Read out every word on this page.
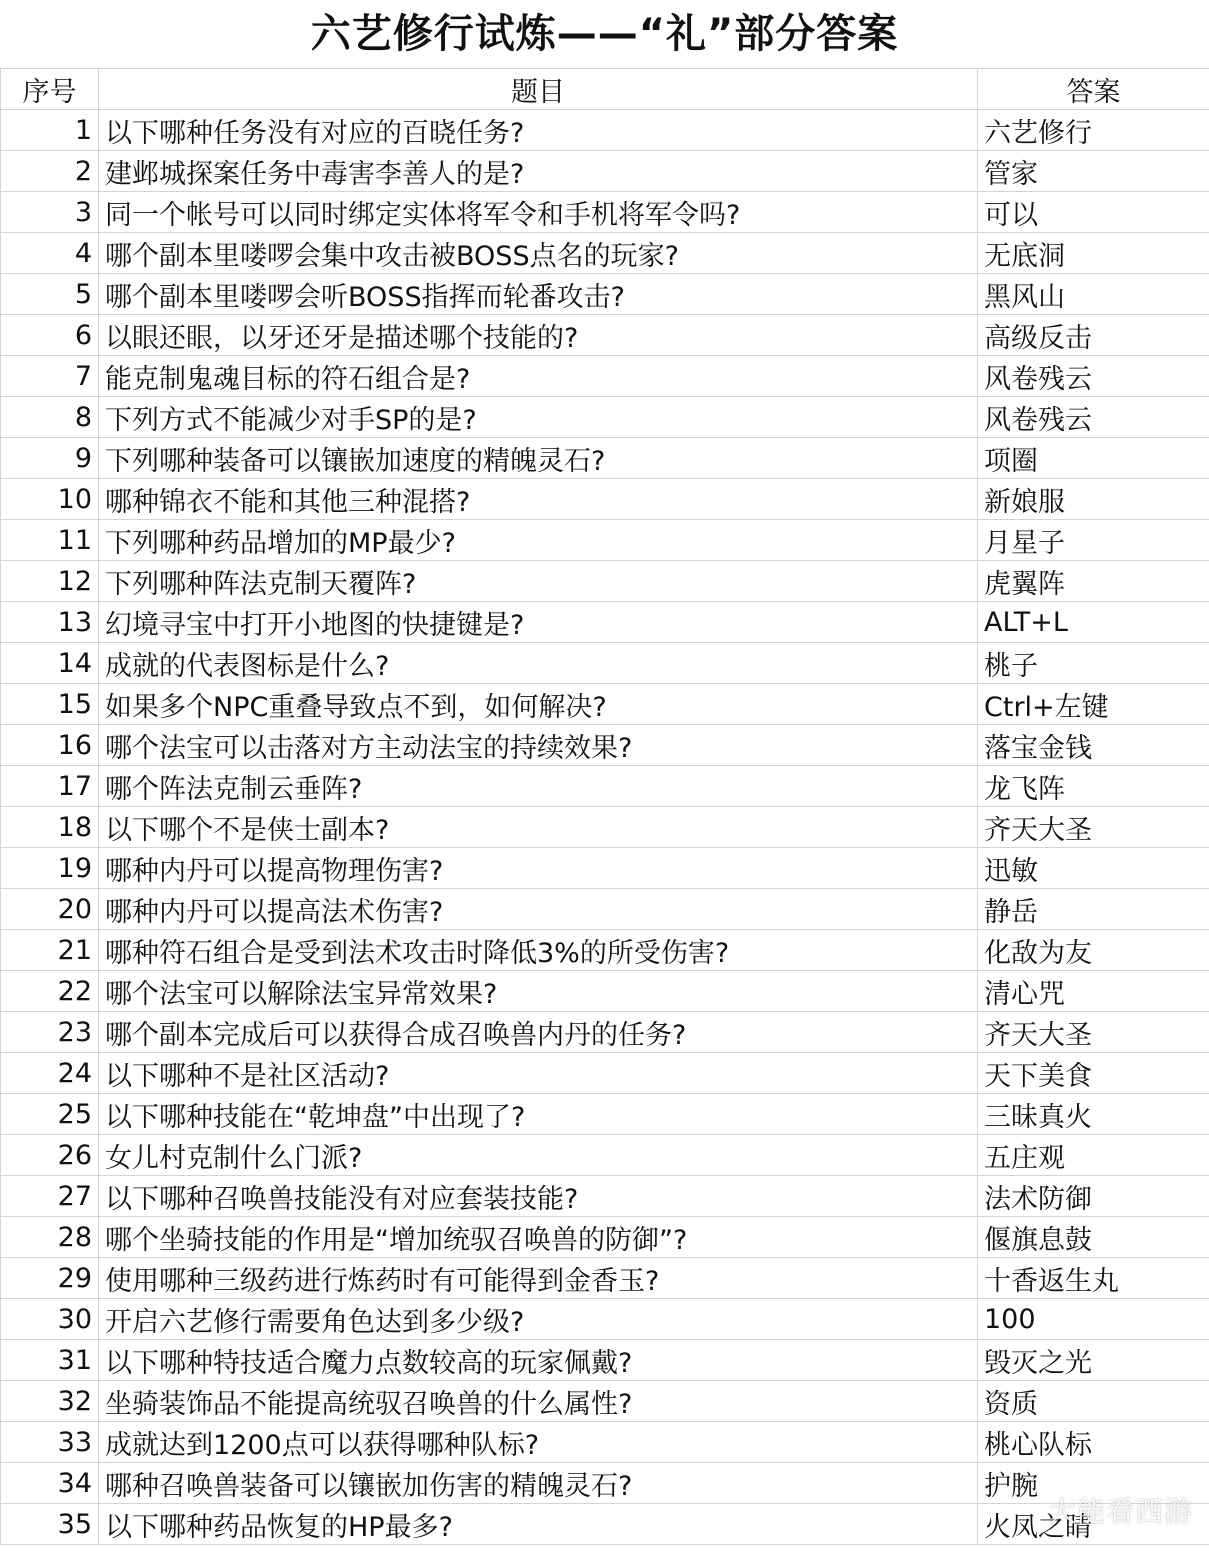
六艺修行试炼——“礼”部分答案
序号	题目	答案
1	以下哪种任务没有对应的百晓任务?	六艺修行
2	建邺城探案任务中毒害李善人的是?	管家
3	同一个帐号可以同时绑定实体将军令和手机将军令吗?	可以
4	哪个副本里喽啰会集中攻击被BOSS点名的玩家?	无底洞
5	哪个副本里喽啰会听BOSS指挥而轮番攻击?	黑风山
6	以眼还眼，以牙还牙是描述哪个技能的?	高级反击
7	能克制鬼魂目标的符石组合是?	风卷残云
8	下列方式不能减少对手SP的是?	风卷残云
9	下列哪种装备可以镶嵌加速度的精魄灵石?	项圈
10	哪种锦衣不能和其他三种混搭?	新娘服
11	下列哪种药品增加的MP最少?	月星子
12	下列哪种阵法克制天覆阵?	虎翼阵
13	幻境寻宝中打开小地图的快捷键是?	ALT+L
14	成就的代表图标是什么?	桃子
15	如果多个NPC重叠导致点不到，如何解决?	Ctrl+左键
16	哪个法宝可以击落对方主动法宝的持续效果?	落宝金钱
17	哪个阵法克制云垂阵?	龙飞阵
18	以下哪个不是侠士副本?	齐天大圣
19	哪种内丹可以提高物理伤害?	迅敏
20	哪种内丹可以提高法术伤害?	静岳
21	哪种符石组合是受到法术攻击时降低3%的所受伤害?	化敌为友
22	哪个法宝可以解除法宝异常效果?	清心咒
23	哪个副本完成后可以获得合成召唤兽内丹的任务?	齐天大圣
24	以下哪种不是社区活动?	天下美食
25	以下哪种技能在“乾坤盘”中出现了?	三昧真火
26	女儿村克制什么门派?	五庄观
27	以下哪种召唤兽技能没有对应套装技能?	法术防御
28	哪个坐骑技能的作用是“增加统驭召唤兽的防御”?	偃旗息鼓
29	使用哪种三级药进行炼药时有可能得到金香玉?	十香返生丸
30	开启六艺修行需要角色达到多少级?	100
31	以下哪种特技适合魔力点数较高的玩家佩戴?	毁灭之光
32	坐骑装饰品不能提高统驭召唤兽的什么属性?	资质
33	成就达到1200点可以获得哪种队标?	桃心队标
34	哪种召唤兽装备可以镶嵌加伤害的精魄灵石?	护腕
35	以下哪种药品恢复的HP最多?	火凤之睛
大能看西游
